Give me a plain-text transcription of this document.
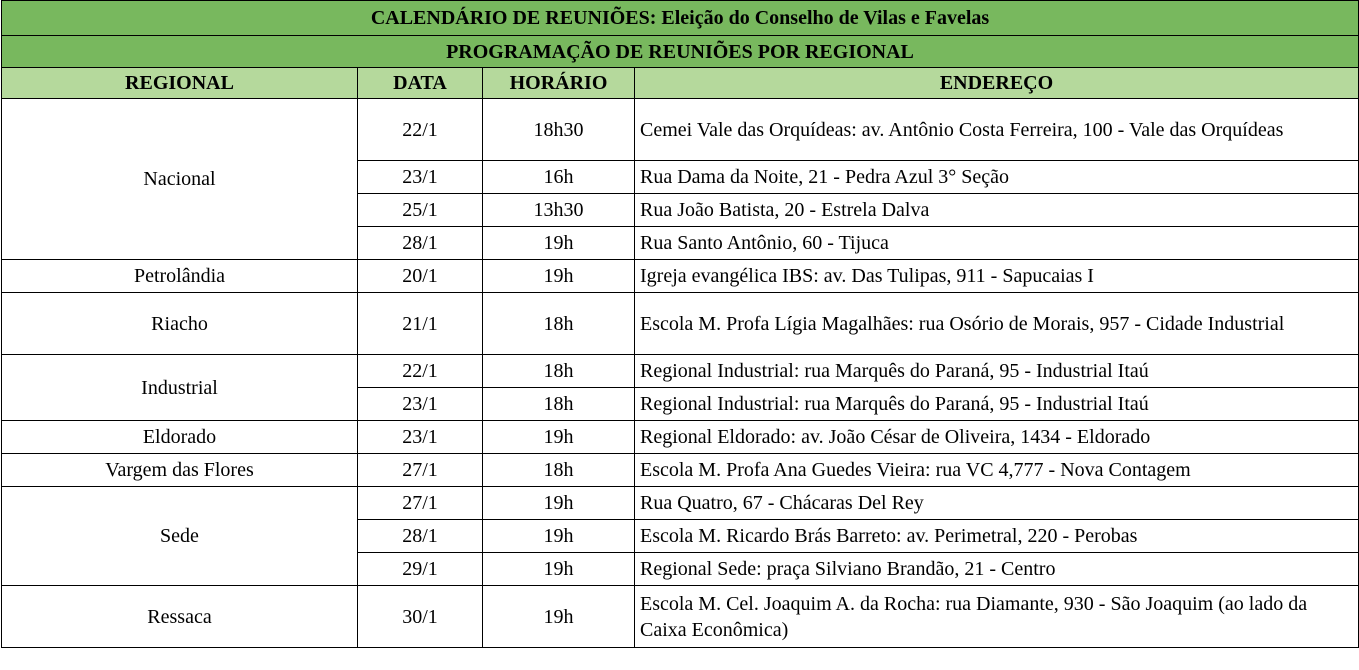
CALENDÁRIO DE REUNIÕES: Eleição do Conselho de Vilas e Favelas			
PROGRAMAÇÃO DE REUNIÕES POR REGIONAL			
REGIONAL	DATA	HORÁRIO	ENDEREÇO
Nacional	22/1	18h30	Cemei Vale das Orquídeas: av. Antônio Costa Ferreira, 100 - Vale das Orquídeas
	23/1	16h	Rua Dama da Noite, 21 - Pedra Azul 3° Seção
	25/1	13h30	Rua João Batista, 20 - Estrela Dalva
	28/1	19h	Rua Santo Antônio, 60 - Tijuca
Petrolândia	20/1	19h	Igreja evangélica IBS: av. Das Tulipas, 911 - Sapucaias I
Riacho	21/1	18h	Escola M. Profa Lígia Magalhães: rua Osório de Morais, 957 - Cidade Industrial
Industrial	22/1	18h	Regional Industrial: rua Marquês do Paraná, 95 - Industrial Itaú
	23/1	18h	Regional Industrial: rua Marquês do Paraná, 95 - Industrial Itaú
Eldorado	23/1	19h	Regional Eldorado: av. João César de Oliveira, 1434 - Eldorado
Vargem das Flores	27/1	18h	Escola M. Profa Ana Guedes Vieira: rua VC 4,777 - Nova Contagem
Sede	27/1	19h	Rua Quatro, 67 - Chácaras Del Rey
	28/1	19h	Escola M. Ricardo Brás Barreto: av. Perimetral, 220 - Perobas
	29/1	19h	Regional Sede: praça Silviano Brandão, 21 - Centro
Ressaca	30/1	19h	Escola M. Cel. Joaquim A. da Rocha: rua Diamante, 930 - São Joaquim (ao lado da Caixa Econômica)
